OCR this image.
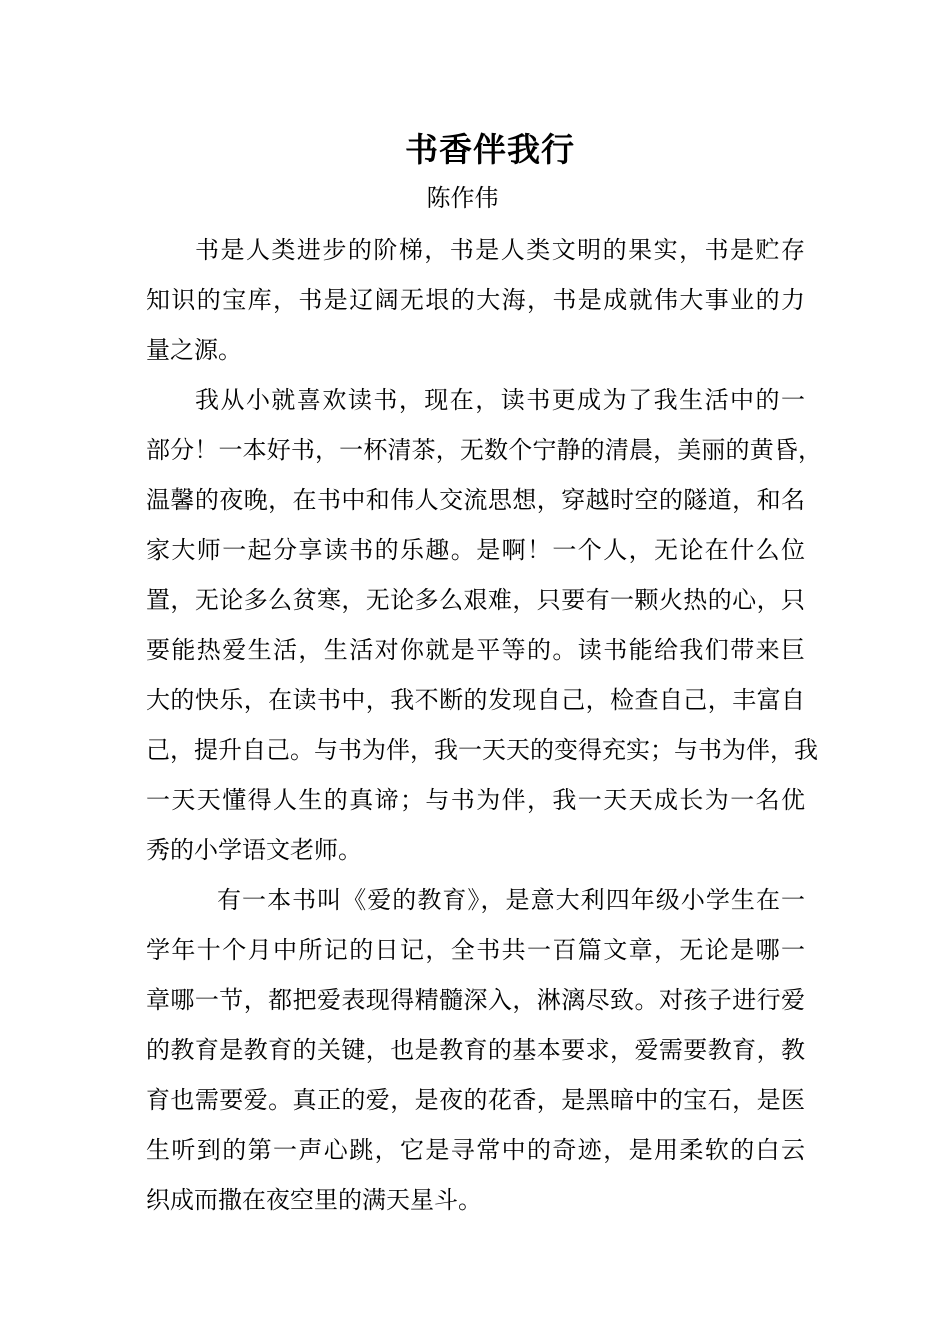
书香伴我行
陈作伟
书是人类进步的阶梯，书是人类文明的果实，书是贮存
知识的宝库，书是辽阔无垠的大海，书是成就伟大事业的力
量之源。
我从小就喜欢读书，现在，读书更成为了我生活中的一
部分！一本好书，一杯清茶，无数个宁静的清晨，美丽的黄昏，
温馨的夜晚，在书中和伟人交流思想，穿越时空的隧道，和名
家大师一起分享读书的乐趣。是啊！一个人，无论在什么位
置，无论多么贫寒，无论多么艰难，只要有一颗火热的心，只
要能热爱生活，生活对你就是平等的。读书能给我们带来巨
大的快乐，在读书中，我不断的发现自己，检查自己，丰富自
己，提升自己。与书为伴，我一天天的变得充实；与书为伴，我
一天天懂得人生的真谛；与书为伴，我一天天成长为一名优
秀的小学语文老师。
有一本书叫《爱的教育》，是意大利四年级小学生在一
学年十个月中所记的日记，全书共一百篇文章，无论是哪一
章哪一节，都把爱表现得精髓深入，淋漓尽致。对孩子进行爱
的教育是教育的关键，也是教育的基本要求，爱需要教育，教
育也需要爱。真正的爱，是夜的花香，是黑暗中的宝石，是医
生听到的第一声心跳，它是寻常中的奇迹，是用柔软的白云
织成而撒在夜空里的满天星斗。
